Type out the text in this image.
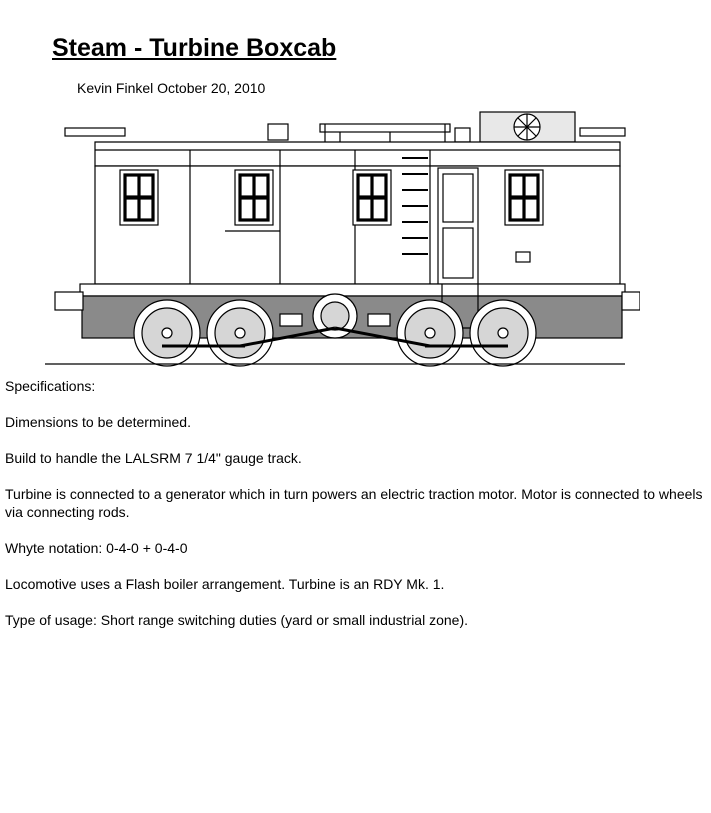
Steam - Turbine Boxcab
Kevin Finkel October 20, 2010

Specifications:

Dimensions to be determined.

Build to handle the LALSRM 7 1/4" gauge track.

Turbine is connected to a generator which in turn powers an electric traction motor. Motor is connected to wheels via connecting rods.

Whyte notation: 0-4-0 + 0-4-0

Locomotive uses a Flash boiler arrangement. Turbine is an RDY Mk. 1.

Type of usage: Short range switching duties (yard or small industrial zone).
